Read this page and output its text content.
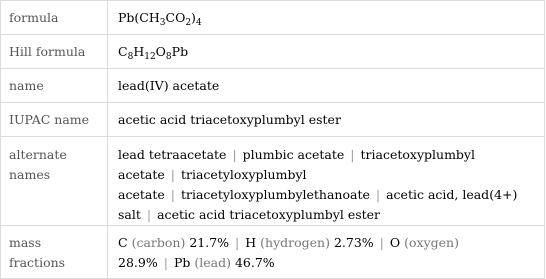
formula	$Pb(CH_3CO_2)_4$
Hill formula	$C_8H_{12}O_8Pb$
name	lead(IV) acetate
IUPAC name	acetic acid triacetoxyplumbyl ester
alternate names	lead tetraacetate | plumbic acetate | triacetoxyplumbyl acetate | triacetyloxyplumbyl acetate | triacetyloxyplumbylethanoate | acetic acid, lead(4+) salt | acetic acid triacetoxyplumbyl ester
mass fractions	C (carbon) 21.7% | H (hydrogen) 2.73% | O (oxygen) 28.9% | Pb (lead) 46.7%
